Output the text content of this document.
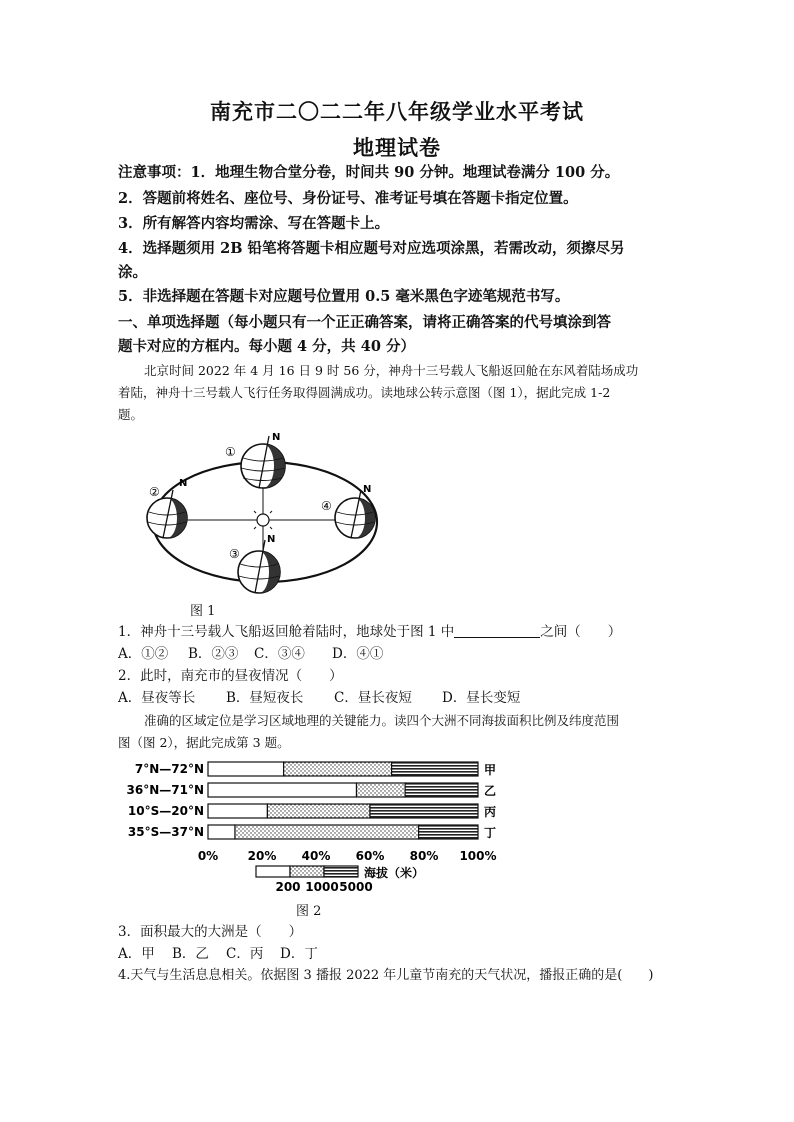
南充市二〇二二年八年级学业水平考试
地理试卷
注意事项：1．地理生物合堂分卷，时间共 90 分钟。地理试卷满分 100 分。
2．答题前将姓名、座位号、身份证号、准考证号填在答题卡指定位置。
3．所有解答内容均需涂、写在答题卡上。
4．选择题须用 2B 铅笔将答题卡相应题号对应选项涂黑，若需改动，须擦尽另
涂。
5．非选择题在答题卡对应题号位置用 0.5 毫米黑色字迹笔规范书写。
一、单项选择题（每小题只有一个正正确答案，请将正确答案的代号填涂到答
题卡对应的方框内。每小题 4 分，共 40 分）
北京时间 2022 年 4 月 16 日 9 时 56 分，神舟十三号载人飞船返回舱在东风着陆场成功
着陆，神舟十三号载人飞行任务取得圆满成功。读地球公转示意图（图 1），据此完成 1-2
题。
N
①
N
②
N
③
N
④
图 1
1．神舟十三号载人飞船返回舱着陆时，地球处于图 1 中	之间（　　）
A．①② B．②③ C．③④ D．④①
2．此时，南充市的昼夜情况（　　）
A．昼夜等长 B．昼短夜长 C．昼长夜短 D．昼长变短
准确的区域定位是学习区域地理的关键能力。读四个大洲不同海拔面积比例及纬度范围
图（图 2），据此完成第 3 题。
7°N—72°N	甲
36°N—71°N	乙
10°S—20°N	丙
35°S—37°N	丁
0% 20% 40% 60% 80% 100%
200 1000 5000
海拔（米）
图 2
3．面积最大的大洲是（　　）
A．甲 B．乙 C．丙 D．丁
4.天气与生活息息相关。依据图 3 播报 2022 年儿童节南充的天气状况，播报正确的是(　　)
